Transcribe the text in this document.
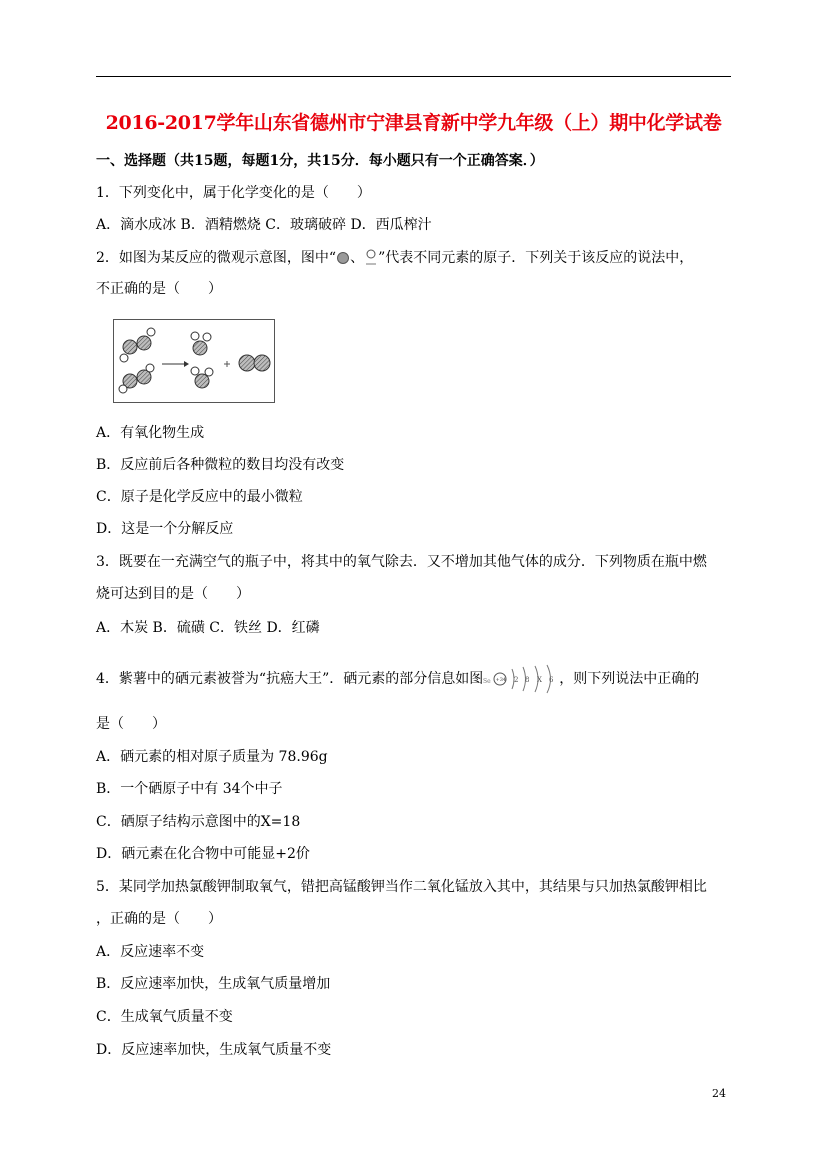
2016-2017学年山东省德州市宁津县育新中学九年级（上）期中化学试卷
一、选择题（共15题，每题1分，共15分．每小题只有一个正确答案．）
1．下列变化中，属于化学变化的是（　　）
A．滴水成冰 B．酒精燃烧 C．玻璃破碎 D．西瓜榨汁
2．如图为某反应的微观示意图，图中“ 、 ”代表不同元素的原子．下列关于该反应的说法中，
不正确的是（　　）
A．有氧化物生成
B．反应前后各种微粒的数目均没有改变
C．原子是化学反应中的最小微粒
D．这是一个分解反应
3．既要在一充满空气的瓶子中，将其中的氧气除去．又不增加其他气体的成分．下列物质在瓶中燃
烧可达到目的是（　　）
A．木炭 B．硫磺 C．铁丝 D．红磷
4．紫薯中的硒元素被誉为“抗癌大王”．硒元素的部分信息如图 Se +34 2 8 X 6 ，则下列说法中正确的
是（　　）
A．硒元素的相对原子质量为 78.96g
B．一个硒原子中有 34个中子
C．硒原子结构示意图中的X=18
D．硒元素在化合物中可能显+2价
5．某同学加热氯酸钾制取氧气，错把高锰酸钾当作二氧化锰放入其中，其结果与只加热氯酸钾相比
，正确的是（　　）
A．反应速率不变
B．反应速率加快，生成氧气质量增加
C．生成氧气质量不变
D．反应速率加快，生成氧气质量不变
24
